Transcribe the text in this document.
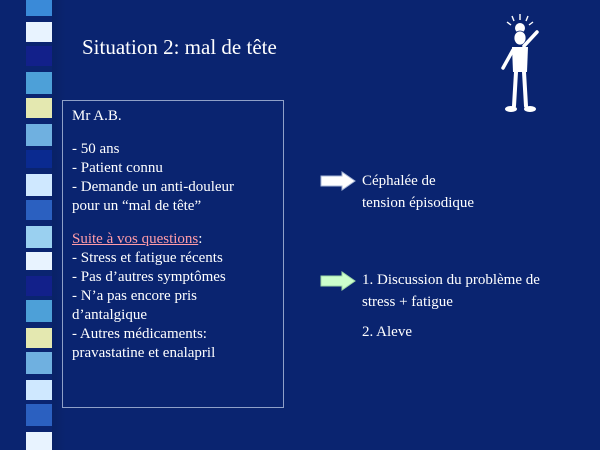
Situation 2: mal de tête
Mr A.B.
- 50 ans
- Patient connu
- Demande un anti-douleur
pour un “mal de tête”
Suite à vos questions:
- Stress et fatigue récents
- Pas d’autres symptômes
- N’a pas encore pris
d’antalgique
- Autres médicaments:
pravastatine et enalapril
Céphalée de
tension épisodique
1. Discussion du problème de
stress + fatigue
2. Aleve
